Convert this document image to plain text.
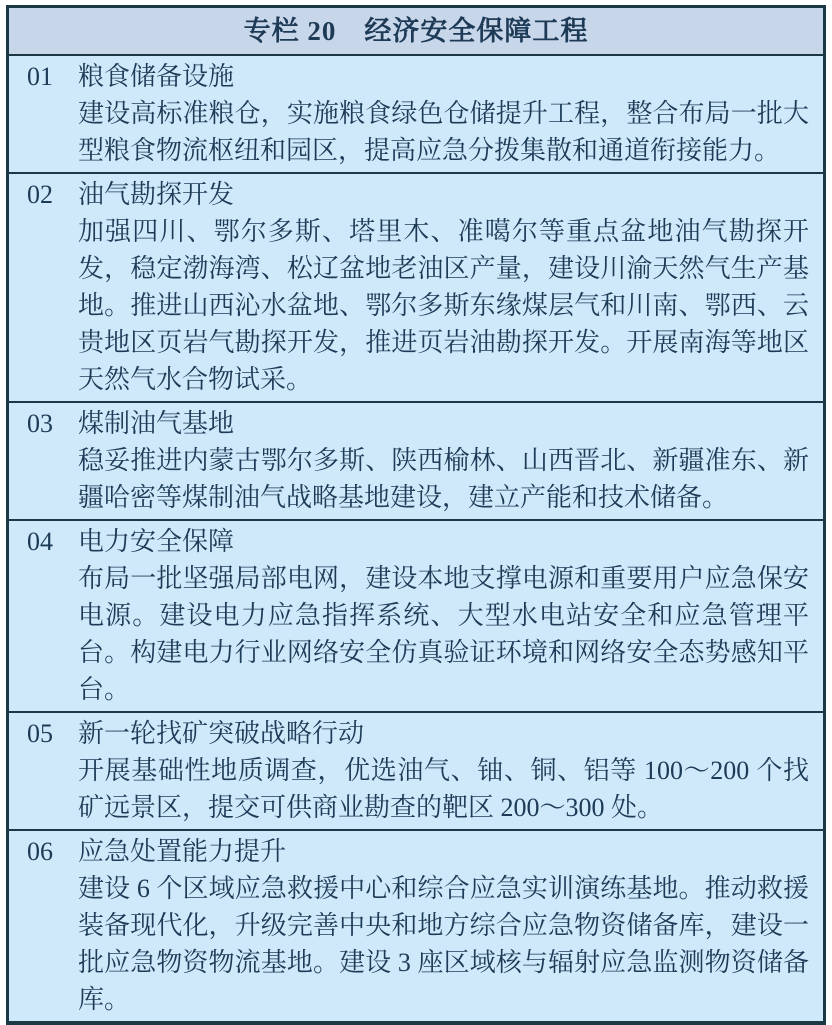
专栏 20　经济安全保障工程
01 粮食储备设施

建设高标准粮仓，实施粮食绿色仓储提升工程，整合布局一批大型粮食物流枢纽和园区，提高应急分拨集散和通道衔接能力。

02 油气勘探开发

加强四川、鄂尔多斯、塔里木、准噶尔等重点盆地油气勘探开发，稳定渤海湾、松辽盆地老油区产量，建设川渝天然气生产基地。推进山西沁水盆地、鄂尔多斯东缘煤层气和川南、鄂西、云贵地区页岩气勘探开发，推进页岩油勘探开发。开展南海等地区天然气水合物试采。

03 煤制油气基地

稳妥推进内蒙古鄂尔多斯、陕西榆林、山西晋北、新疆准东、新疆哈密等煤制油气战略基地建设，建立产能和技术储备。

04 电力安全保障

布局一批坚强局部电网，建设本地支撑电源和重要用户应急保安电源。建设电力应急指挥系统、大型水电站安全和应急管理平台。构建电力行业网络安全仿真验证环境和网络安全态势感知平台。

05 新一轮找矿突破战略行动

开展基础性地质调查，优选油气、铀、铜、铝等 100～200 个找矿远景区，提交可供商业勘查的靶区 200～300 处。

06 应急处置能力提升

建设 6 个区域应急救援中心和综合应急实训演练基地。推动救援装备现代化，升级完善中央和地方综合应急物资储备库，建设一批应急物资物流基地。建设 3 座区域核与辐射应急监测物资储备库。
